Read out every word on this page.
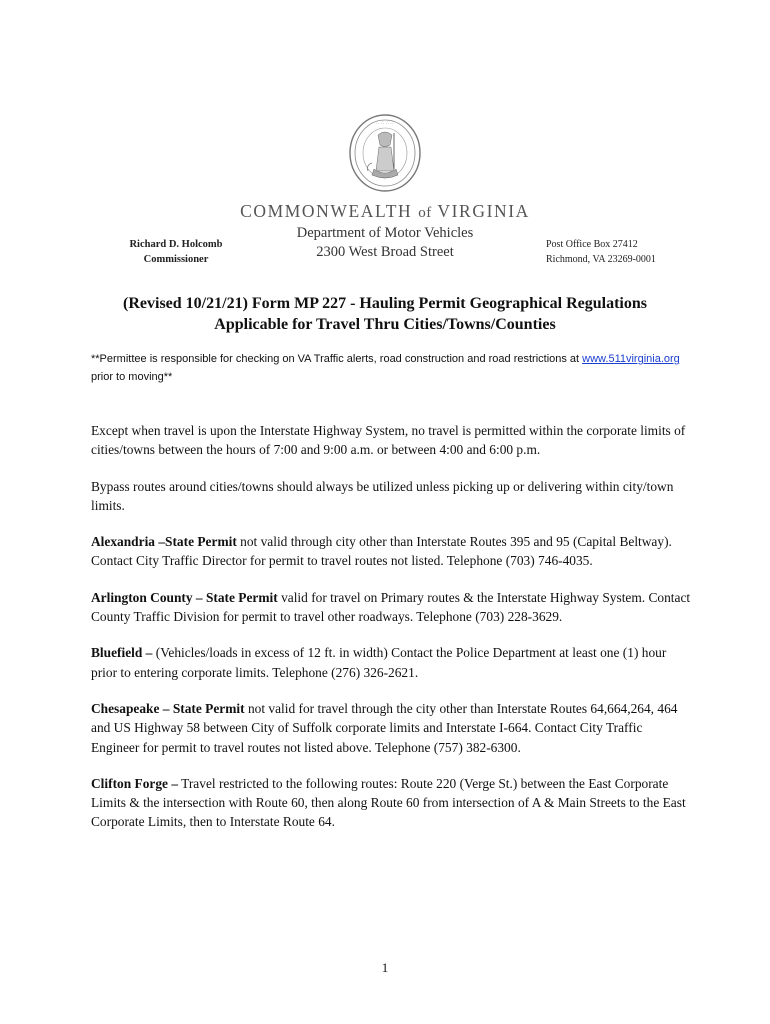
∴ ∴ ∴ ∴
COMMONWEALTH of VIRGINIA
Richard D. Holcomb
Commissioner
Department of Motor Vehicles
2300 West Broad Street	Post Office Box 27412
Richmond, VA 23269-0001
(Revised 10/21/21) Form MP 227 - Hauling Permit Geographical Regulations
Applicable for Travel Thru Cities/Towns/Counties
**Permittee is responsible for checking on VA Traffic alerts, road construction and road restrictions at www.511virginia.org prior to moving**

Except when travel is upon the Interstate Highway System, no travel is permitted within the corporate limits of cities/towns between the hours of 7:00 and 9:00 a.m. or between 4:00 and 6:00 p.m.

Bypass routes around cities/towns should always be utilized unless picking up or delivering within city/town limits.

Alexandria –State Permit not valid through city other than Interstate Routes 395 and 95 (Capital Beltway). Contact City Traffic Director for permit to travel routes not listed. Telephone (703) 746-4035.

Arlington County – State Permit valid for travel on Primary routes & the Interstate Highway System. Contact County Traffic Division for permit to travel other roadways. Telephone (703) 228-3629.

Bluefield – (Vehicles/loads in excess of 12 ft. in width) Contact the Police Department at least one (1) hour prior to entering corporate limits. Telephone (276) 326-2621.

Chesapeake – State Permit not valid for travel through the city other than Interstate Routes 64,664,264, 464 and US Highway 58 between City of Suffolk corporate limits and Interstate I-664. Contact City Traffic Engineer for permit to travel routes not listed above. Telephone (757) 382-6300.

Clifton Forge – Travel restricted to the following routes: Route 220 (Verge St.) between the East Corporate Limits & the intersection with Route 60, then along Route 60 from intersection of A & Main Streets to the East Corporate Limits, then to Interstate Route 64.

1
